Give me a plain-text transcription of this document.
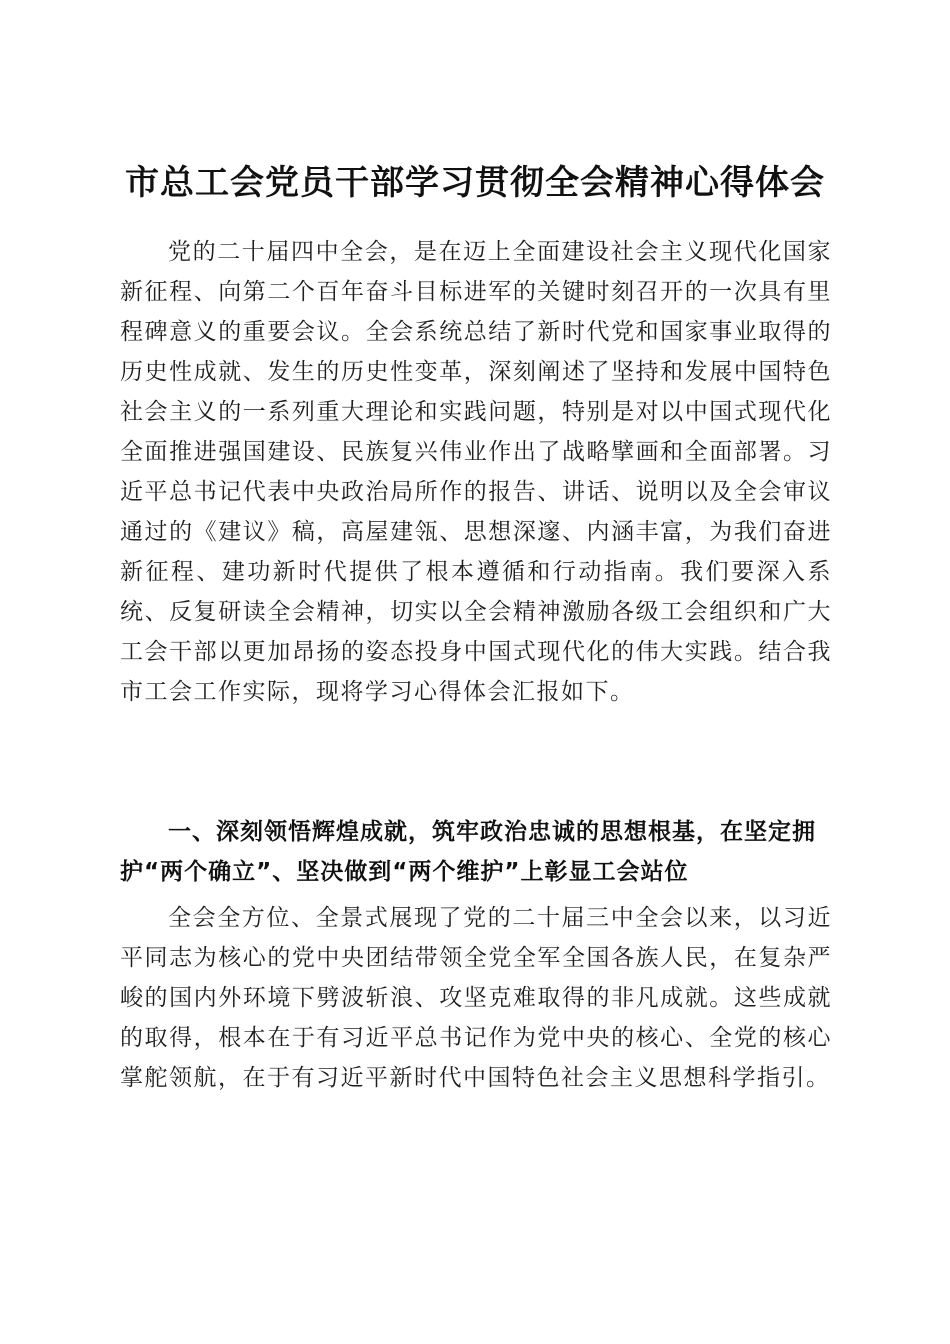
市总工会党员干部学习贯彻全会精神心得体会

党的二十届四中全会，是在迈上全面建设社会主义现代化国家新征程、向第二个百年奋斗目标进军的关键时刻召开的一次具有里程碑意义的重要会议。全会系统总结了新时代党和国家事业取得的历史性成就、发生的历史性变革，深刻阐述了坚持和发展中国特色社会主义的一系列重大理论和实践问题，特别是对以中国式现代化全面推进强国建设、民族复兴伟业作出了战略擘画和全面部署。习近平总书记代表中央政治局所作的报告、讲话、说明以及全会审议通过的《建议》稿，高屋建瓴、思想深邃、内涵丰富，为我们奋进新征程、建功新时代提供了根本遵循和行动指南。我们要深入系统、反复研读全会精神，切实以全会精神激励各级工会组织和广大工会干部以更加昂扬的姿态投身中国式现代化的伟大实践。结合我市工会工作实际，现将学习心得体会汇报如下。

一、深刻领悟辉煌成就，筑牢政治忠诚的思想根基，在坚定拥护“两个确立”、坚决做到“两个维护”上彰显工会站位

全会全方位、全景式展现了党的二十届三中全会以来，以习近平同志为核心的党中央团结带领全党全军全国各族人民，在复杂严峻的国内外环境下劈波斩浪、攻坚克难取得的非凡成就。这些成就的取得，根本在于有习近平总书记作为党中央的核心、全党的核心掌舵领航，在于有习近平新时代中国特色社会主义思想科学指引。
